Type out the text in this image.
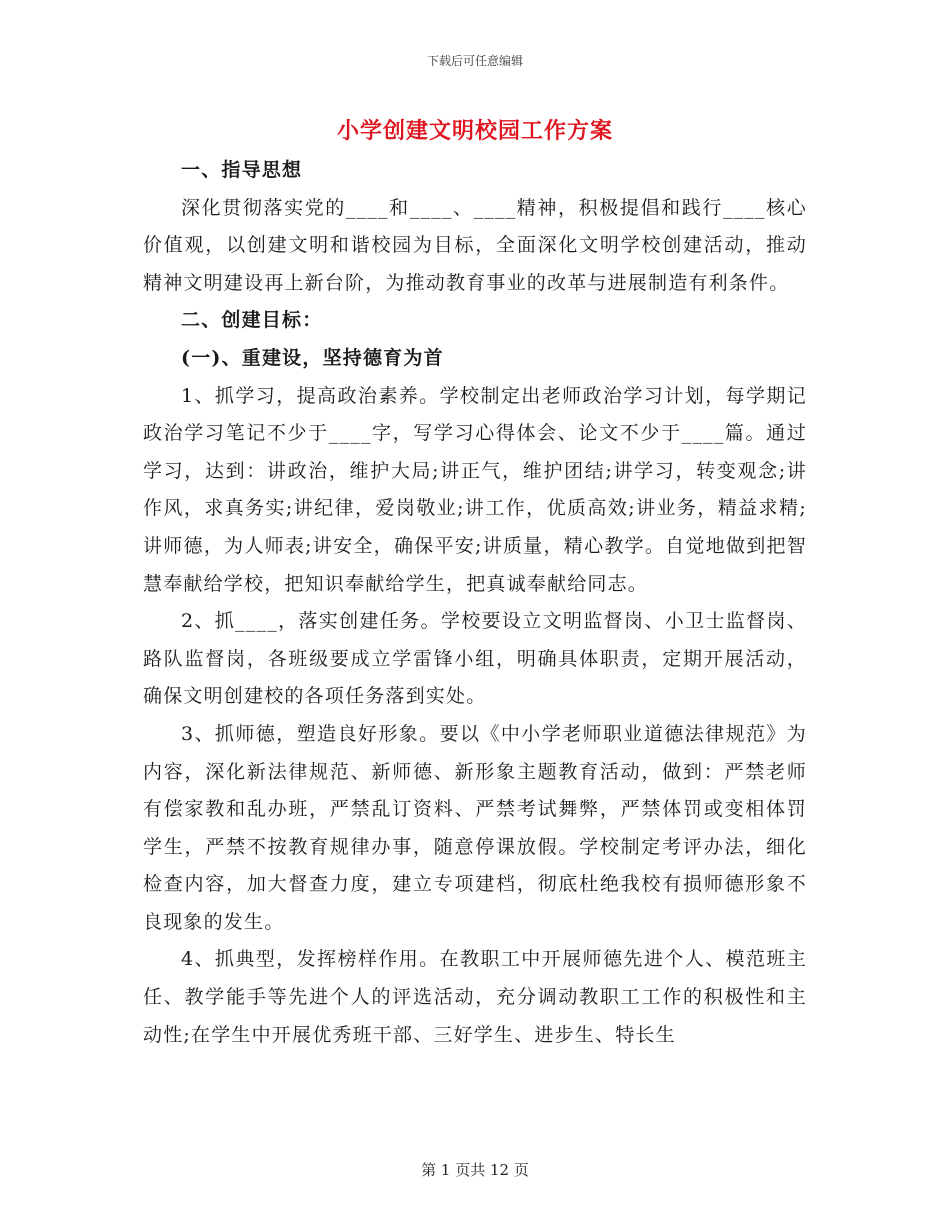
下载后可任意编辑
小学创建文明校园工作方案

一、指导思想

深化贯彻落实党的____和____、____精神，积极提倡和践行____核心价值观，以创建文明和谐校园为目标，全面深化文明学校创建活动，推动精神文明建设再上新台阶，为推动教育事业的改革与进展制造有利条件。

二、创建目标：

(一)、重建设，坚持德育为首

1、抓学习，提高政治素养。学校制定出老师政治学习计划，每学期记政治学习笔记不少于____字，写学习心得体会、论文不少于____篇。通过学习，达到：讲政治，维护大局;讲正气，维护团结;讲学习，转变观念;讲作风，求真务实;讲纪律，爱岗敬业;讲工作，优质高效;讲业务，精益求精;讲师德，为人师表;讲安全，确保平安;讲质量，精心教学。自觉地做到把智慧奉献给学校，把知识奉献给学生，把真诚奉献给同志。

2、抓____，落实创建任务。学校要设立文明监督岗、小卫士监督岗、路队监督岗，各班级要成立学雷锋小组，明确具体职责，定期开展活动，确保文明创建校的各项任务落到实处。

3、抓师德，塑造良好形象。要以《中小学老师职业道德法律规范》为内容，深化新法律规范、新师德、新形象主题教育活动，做到：严禁老师有偿家教和乱办班，严禁乱订资料、严禁考试舞弊，严禁体罚或变相体罚学生，严禁不按教育规律办事，随意停课放假。学校制定考评办法，细化检查内容，加大督查力度，建立专项建档，彻底杜绝我校有损师德形象不良现象的发生。

4、抓典型，发挥榜样作用。在教职工中开展师德先进个人、模范班主任、教学能手等先进个人的评选活动，充分调动教职工工作的积极性和主动性;在学生中开展优秀班干部、三好学生、进步生、特长生

第 1 页共 12 页
